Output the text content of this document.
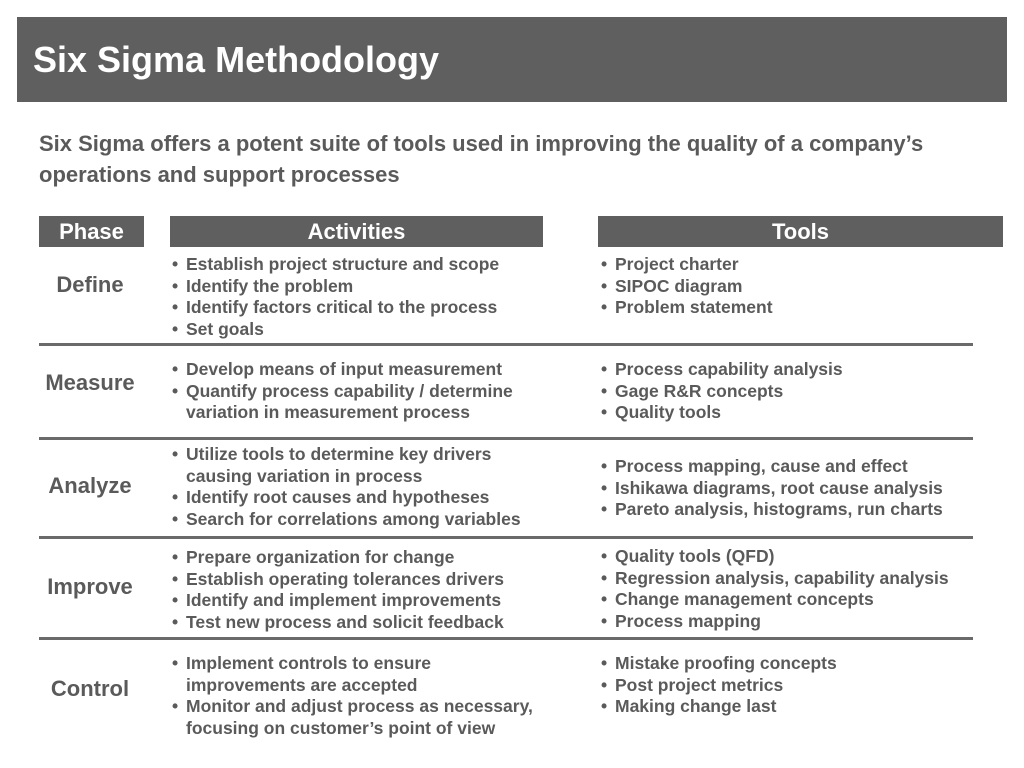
Six Sigma Methodology
Six Sigma offers a potent suite of tools used in improving the quality of a company’s operations and support processes
Phase	Activities	Tools
Define
• Establish project structure and scope
• Identify the problem
• Identify factors critical to the process
• Set goals
• Project charter
• SIPOC diagram
• Problem statement
Measure
• Develop means of input measurement
• Quantify process capability / determine
variation in measurement process
• Process capability analysis
• Gage R&R concepts
• Quality tools
Analyze
• Utilize tools to determine key drivers
causing variation in process
• Identify root causes and hypotheses
• Search for correlations among variables
• Process mapping, cause and effect
• Ishikawa diagrams, root cause analysis
• Pareto analysis, histograms, run charts
Improve
• Prepare organization for change
• Establish operating tolerances drivers
• Identify and implement improvements
• Test new process and solicit feedback
• Quality tools (QFD)
• Regression analysis, capability analysis
• Change management concepts
• Process mapping
Control
• Implement controls to ensure
improvements are accepted
• Monitor and adjust process as necessary,
focusing on customer’s point of view
• Mistake proofing concepts
• Post project metrics
• Making change last
